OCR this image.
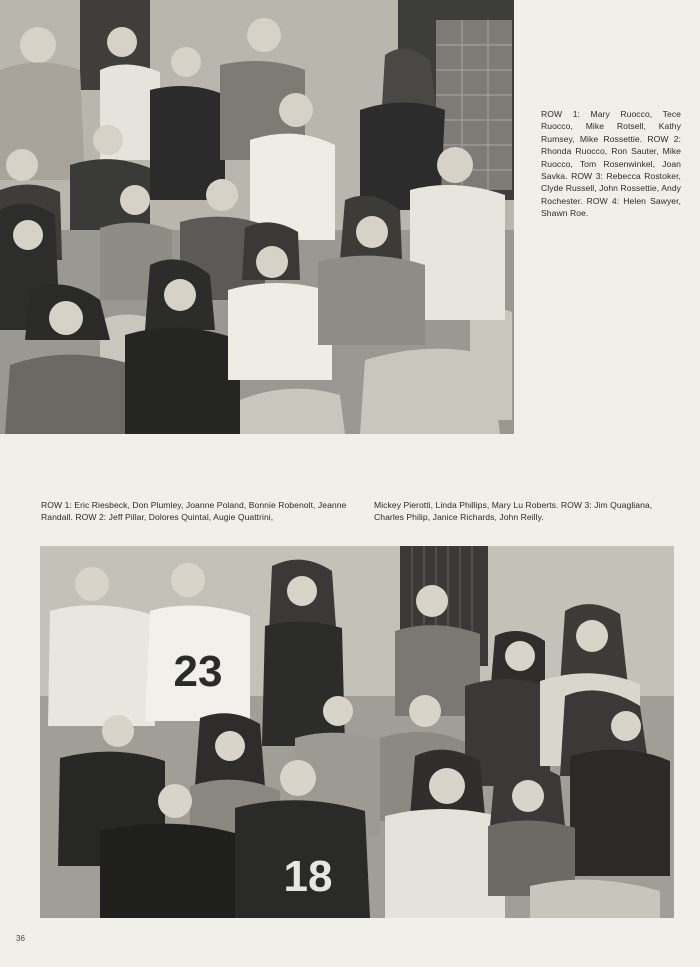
ROW 1: Mary Ruocco, Tece Ruocco, Mike Rotsell, Kathy Rumsey, Mike Rossettie. ROW 2: Rhonda Ruocco, Ron Sauter, Mike Ruocco, Tom Rosenwinkel, Joan Savka. ROW 3: Rebecca Rostoker, Clyde Russell, John Rossettie, Andy Rochester. ROW 4: Helen Sawyer, Shawn Roe.
ROW 1: Eric Riesbeck, Don Plumley, Joanne Poland, Bonnie Robenolt, Jeanne Randall. ROW 2: Jeff Pillar, Dolores Quintal, Augie Quattrini,
Mickey Pierotti, Linda Phillips, Mary Lu Roberts. ROW 3: Jim Quagliana, Charles Philip, Janice Richards, John Reilly.
23
18
36
